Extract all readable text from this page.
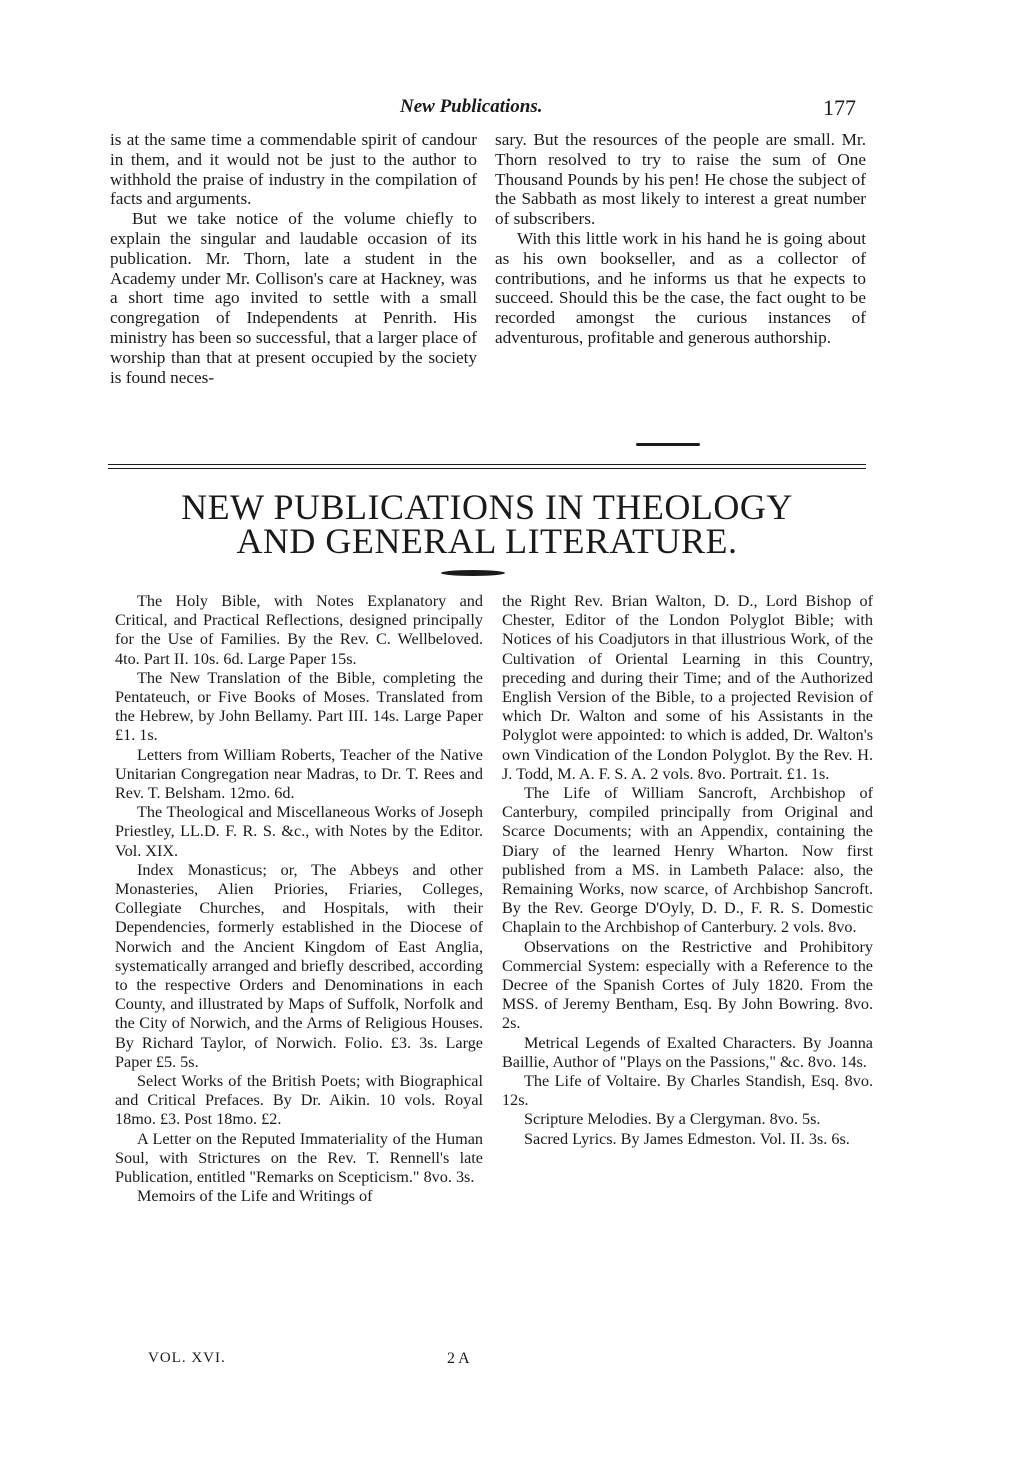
New Publications.	177

is at the same time a commendable spirit of candour in them, and it would not be just to the author to withhold the praise of industry in the compilation of facts and arguments.

But we take notice of the volume chiefly to explain the singular and laudable occasion of its publication. Mr. Thorn, late a student in the Academy under Mr. Collison's care at Hackney, was a short time ago invited to settle with a small congregation of Independents at Penrith. His ministry has been so successful, that a larger place of worship than that at present occupied by the society is found neces-

sary. But the resources of the people are small. Mr. Thorn resolved to try to raise the sum of One Thousand Pounds by his pen! He chose the subject of the Sabbath as most likely to interest a great number of subscribers.

With this little work in his hand he is going about as his own bookseller, and as a collector of contributions, and he informs us that he expects to succeed. Should this be the case, the fact ought to be recorded amongst the curious instances of adventurous, profitable and generous authorship.

NEW PUBLICATIONS IN THEOLOGY
AND GENERAL LITERATURE.

The Holy Bible, with Notes Explanatory and Critical, and Practical Reflections, designed principally for the Use of Families. By the Rev. C. Wellbeloved. 4to. Part II. 10s. 6d. Large Paper 15s.

The New Translation of the Bible, completing the Pentateuch, or Five Books of Moses. Translated from the Hebrew, by John Bellamy. Part III. 14s. Large Paper £1. 1s.

Letters from William Roberts, Teacher of the Native Unitarian Congregation near Madras, to Dr. T. Rees and Rev. T. Belsham. 12mo. 6d.

The Theological and Miscellaneous Works of Joseph Priestley, LL.D. F. R. S. &c., with Notes by the Editor. Vol. XIX.

Index Monasticus; or, The Abbeys and other Monasteries, Alien Priories, Friaries, Colleges, Collegiate Churches, and Hospitals, with their Dependencies, formerly established in the Diocese of Norwich and the Ancient Kingdom of East Anglia, systematically arranged and briefly described, according to the respective Orders and Denominations in each County, and illustrated by Maps of Suffolk, Norfolk and the City of Norwich, and the Arms of Religious Houses. By Richard Taylor, of Norwich. Folio. £3. 3s. Large Paper £5. 5s.

Select Works of the British Poets; with Biographical and Critical Prefaces. By Dr. Aikin. 10 vols. Royal 18mo. £3. Post 18mo. £2.

A Letter on the Reputed Immateriality of the Human Soul, with Strictures on the Rev. T. Rennell's late Publication, entitled "Remarks on Scepticism." 8vo. 3s.

Memoirs of the Life and Writings of

the Right Rev. Brian Walton, D. D., Lord Bishop of Chester, Editor of the London Polyglot Bible; with Notices of his Coadjutors in that illustrious Work, of the Cultivation of Oriental Learning in this Country, preceding and during their Time; and of the Authorized English Version of the Bible, to a projected Revision of which Dr. Walton and some of his Assistants in the Polyglot were appointed: to which is added, Dr. Walton's own Vindication of the London Polyglot. By the Rev. H. J. Todd, M. A. F. S. A. 2 vols. 8vo. Portrait. £1. 1s.

The Life of William Sancroft, Archbishop of Canterbury, compiled principally from Original and Scarce Documents; with an Appendix, containing the Diary of the learned Henry Wharton. Now first published from a MS. in Lambeth Palace: also, the Remaining Works, now scarce, of Archbishop Sancroft. By the Rev. George D'Oyly, D. D., F. R. S. Domestic Chaplain to the Archbishop of Canterbury. 2 vols. 8vo.

Observations on the Restrictive and Prohibitory Commercial System: especially with a Reference to the Decree of the Spanish Cortes of July 1820. From the MSS. of Jeremy Bentham, Esq. By John Bowring. 8vo. 2s.

Metrical Legends of Exalted Characters. By Joanna Baillie, Author of "Plays on the Passions," &c. 8vo. 14s.

The Life of Voltaire. By Charles Standish, Esq. 8vo. 12s.

Scripture Melodies. By a Clergyman. 8vo. 5s.

Sacred Lyrics. By James Edmeston. Vol. II. 3s. 6s.

VOL. XVI.	2 A
